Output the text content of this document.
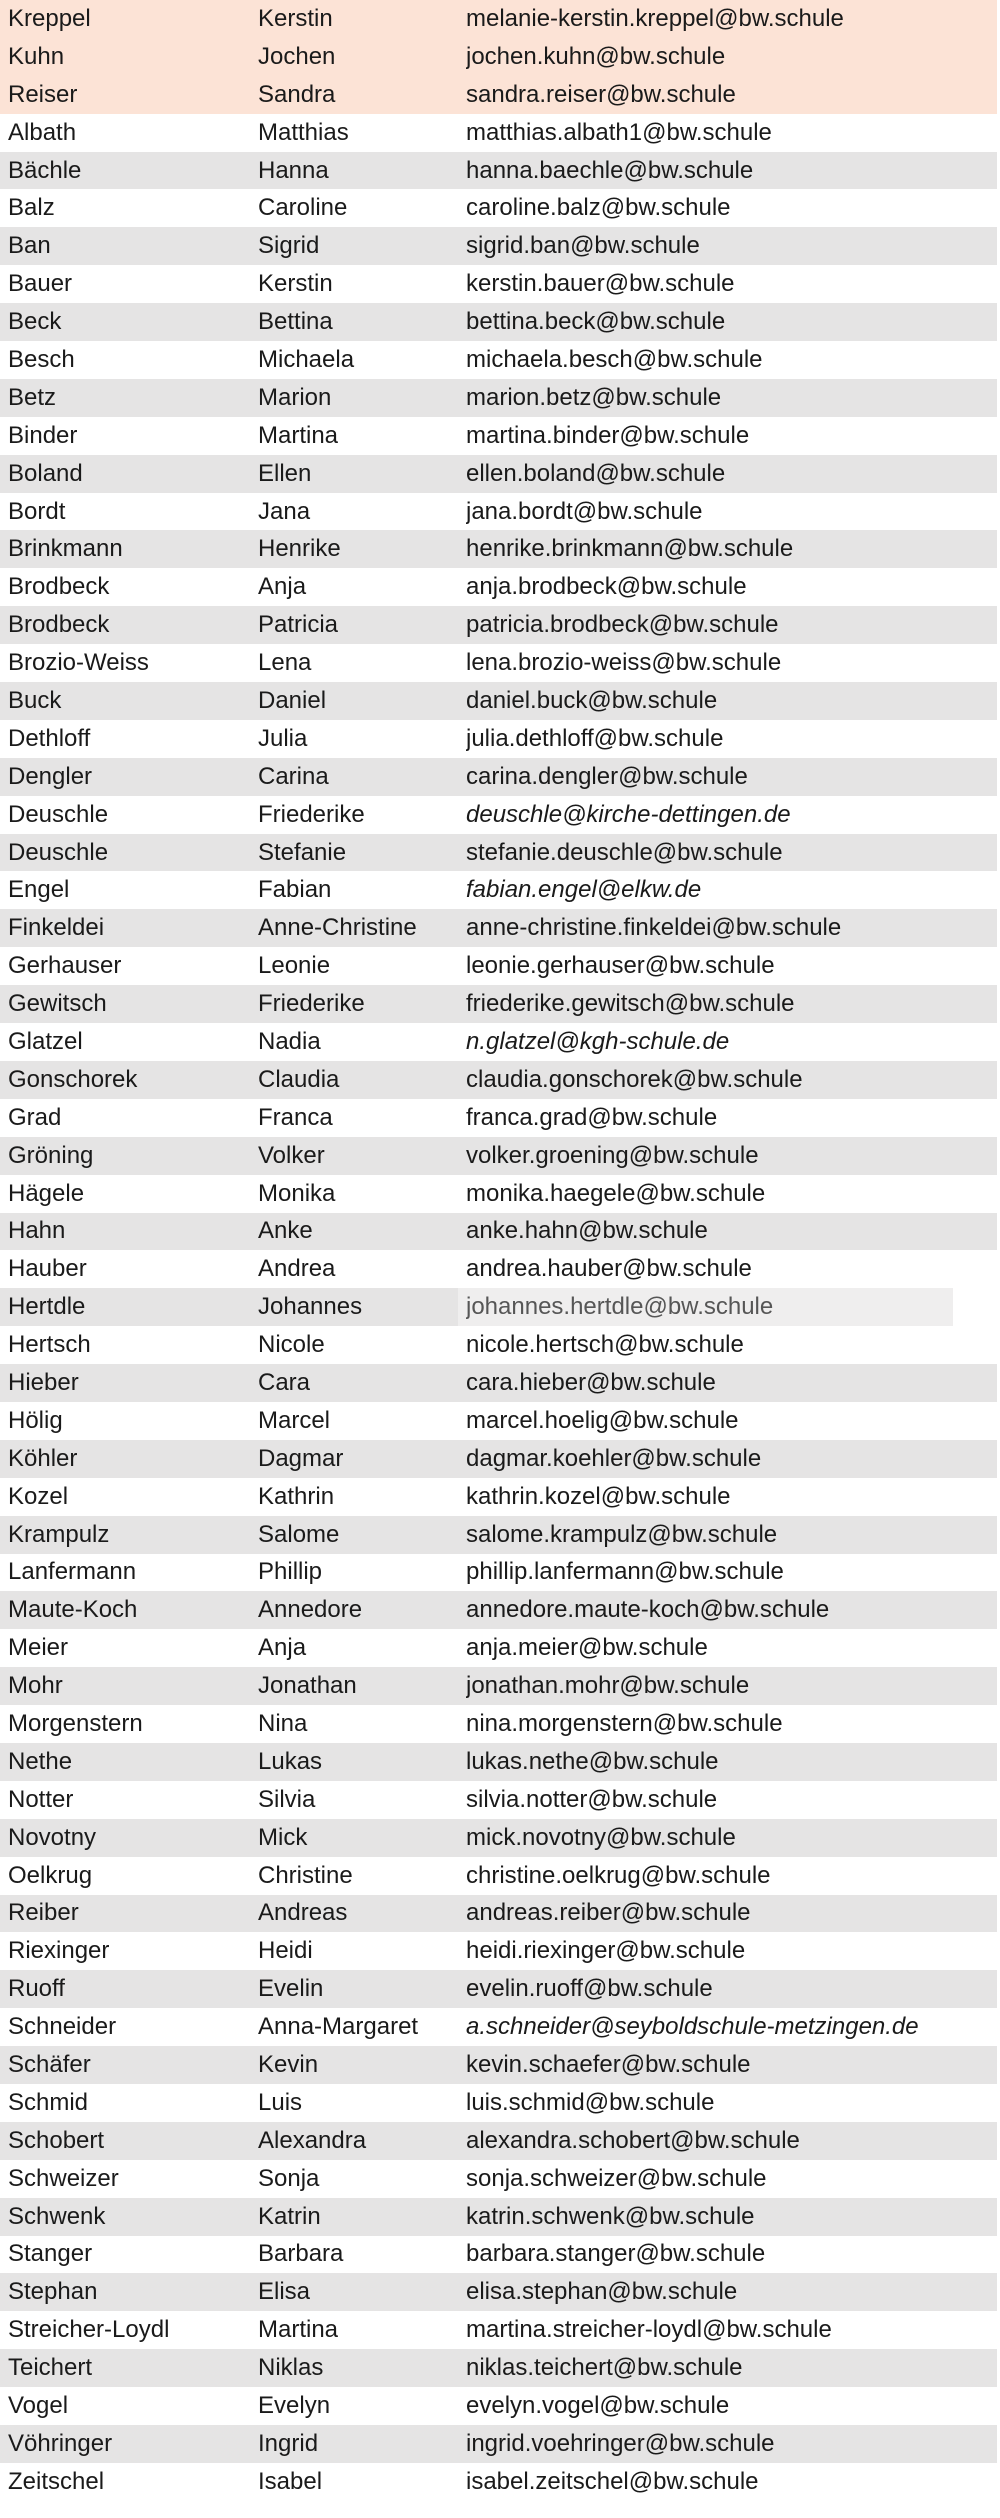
Kreppel	Kerstin	melanie-kerstin.kreppel@bw.schule
Kuhn	Jochen	jochen.kuhn@bw.schule
Reiser	Sandra	sandra.reiser@bw.schule
Albath	Matthias	matthias.albath1@bw.schule
Bächle	Hanna	hanna.baechle@bw.schule
Balz	Caroline	caroline.balz@bw.schule
Ban	Sigrid	sigrid.ban@bw.schule
Bauer	Kerstin	kerstin.bauer@bw.schule
Beck	Bettina	bettina.beck@bw.schule
Besch	Michaela	michaela.besch@bw.schule
Betz	Marion	marion.betz@bw.schule
Binder	Martina	martina.binder@bw.schule
Boland	Ellen	ellen.boland@bw.schule
Bordt	Jana	jana.bordt@bw.schule
Brinkmann	Henrike	henrike.brinkmann@bw.schule
Brodbeck	Anja	anja.brodbeck@bw.schule
Brodbeck	Patricia	patricia.brodbeck@bw.schule
Brozio-Weiss	Lena	lena.brozio-weiss@bw.schule
Buck	Daniel	daniel.buck@bw.schule
Dethloff	Julia	julia.dethloff@bw.schule
Dengler	Carina	carina.dengler@bw.schule
Deuschle	Friederike	deuschle@kirche-dettingen.de
Deuschle	Stefanie	stefanie.deuschle@bw.schule
Engel	Fabian	fabian.engel@elkw.de
Finkeldei	Anne-Christine	anne-christine.finkeldei@bw.schule
Gerhauser	Leonie	leonie.gerhauser@bw.schule
Gewitsch	Friederike	friederike.gewitsch@bw.schule
Glatzel	Nadia	n.glatzel@kgh-schule.de
Gonschorek	Claudia	claudia.gonschorek@bw.schule
Grad	Franca	franca.grad@bw.schule
Gröning	Volker	volker.groening@bw.schule
Hägele	Monika	monika.haegele@bw.schule
Hahn	Anke	anke.hahn@bw.schule
Hauber	Andrea	andrea.hauber@bw.schule
Hertdle	Johannes	johannes.hertdle@bw.schule
Hertsch	Nicole	nicole.hertsch@bw.schule
Hieber	Cara	cara.hieber@bw.schule
Hölig	Marcel	marcel.hoelig@bw.schule
Köhler	Dagmar	dagmar.koehler@bw.schule
Kozel	Kathrin	kathrin.kozel@bw.schule
Krampulz	Salome	salome.krampulz@bw.schule
Lanfermann	Phillip	phillip.lanfermann@bw.schule
Maute-Koch	Annedore	annedore.maute-koch@bw.schule
Meier	Anja	anja.meier@bw.schule
Mohr	Jonathan	jonathan.mohr@bw.schule
Morgenstern	Nina	nina.morgenstern@bw.schule
Nethe	Lukas	lukas.nethe@bw.schule
Notter	Silvia	silvia.notter@bw.schule
Novotny	Mick	mick.novotny@bw.schule
Oelkrug	Christine	christine.oelkrug@bw.schule
Reiber	Andreas	andreas.reiber@bw.schule
Riexinger	Heidi	heidi.riexinger@bw.schule
Ruoff	Evelin	evelin.ruoff@bw.schule
Schneider	Anna-Margaret	a.schneider@seyboldschule-metzingen.de
Schäfer	Kevin	kevin.schaefer@bw.schule
Schmid	Luis	luis.schmid@bw.schule
Schobert	Alexandra	alexandra.schobert@bw.schule
Schweizer	Sonja	sonja.schweizer@bw.schule
Schwenk	Katrin	katrin.schwenk@bw.schule
Stanger	Barbara	barbara.stanger@bw.schule
Stephan	Elisa	elisa.stephan@bw.schule
Streicher-Loydl	Martina	martina.streicher-loydl@bw.schule
Teichert	Niklas	niklas.teichert@bw.schule
Vogel	Evelyn	evelyn.vogel@bw.schule
Vöhringer	Ingrid	ingrid.voehringer@bw.schule
Zeitschel	Isabel	isabel.zeitschel@bw.schule
